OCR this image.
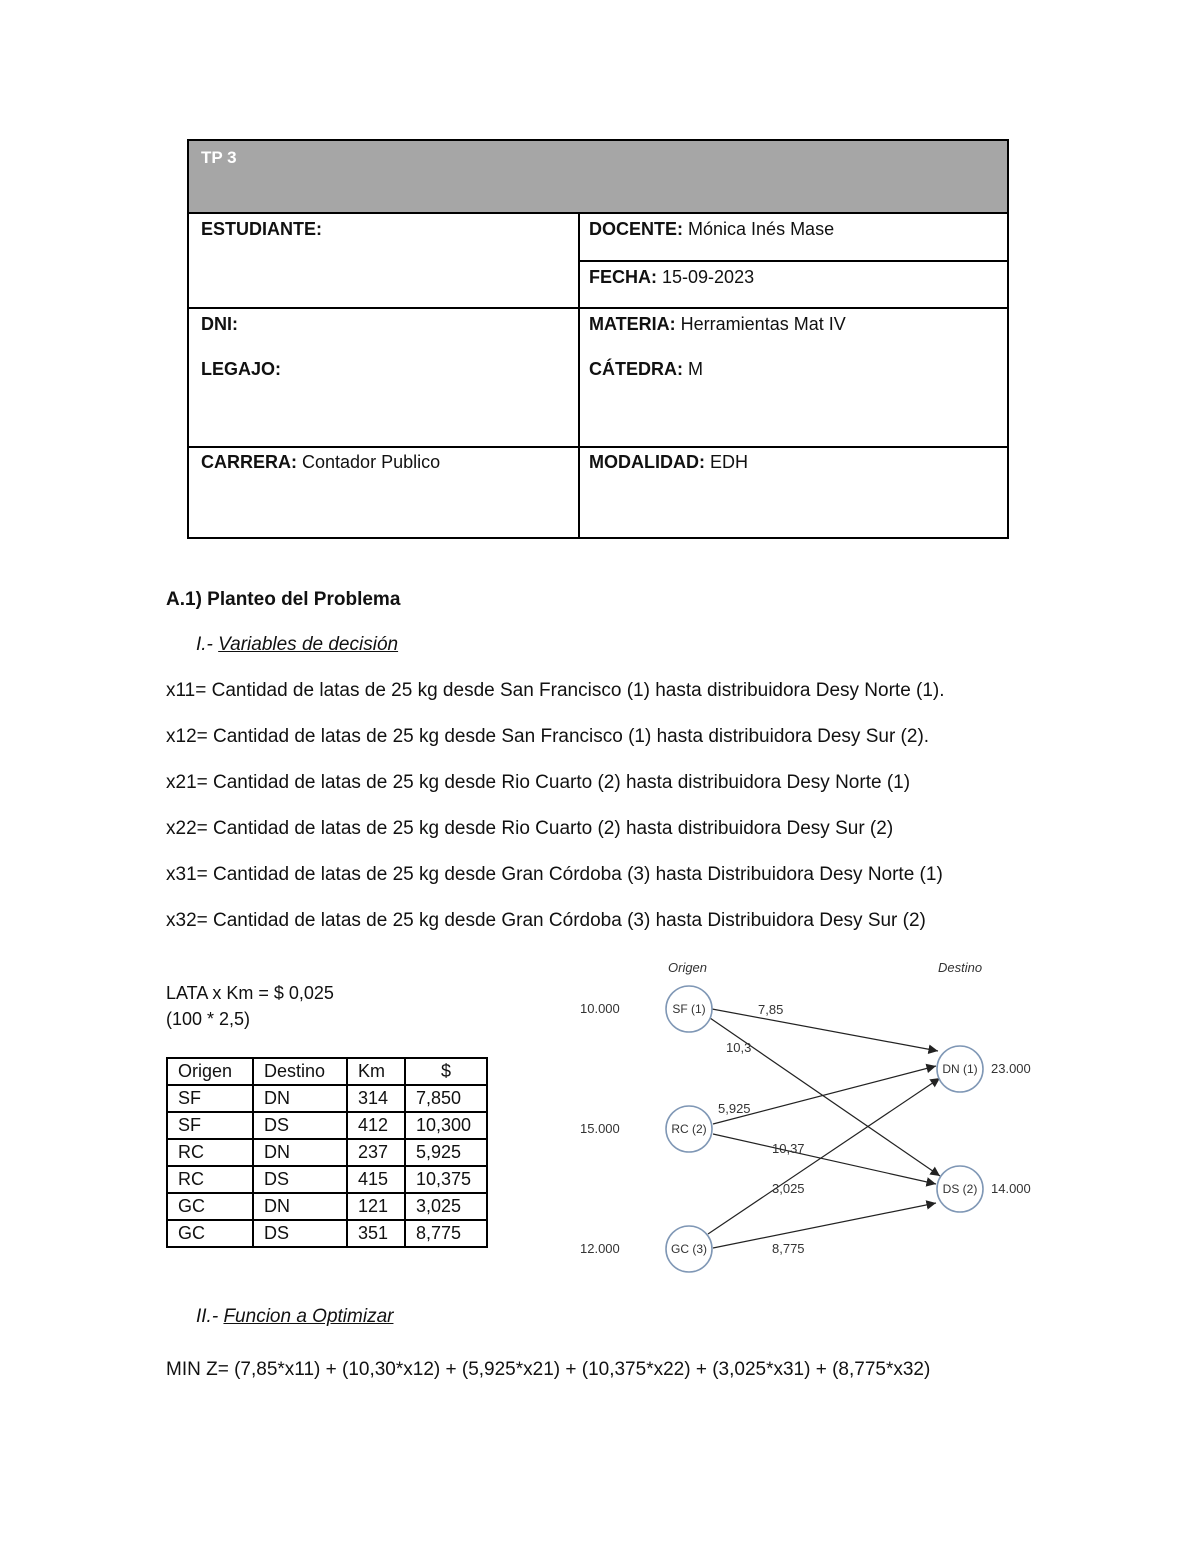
TP 3
ESTUDIANTE:	DOCENTE: Mónica Inés Mase
FECHA: 15-09-2023
DNI:
LEGAJO:
MATERIA: Herramientas Mat IV
CÁTEDRA: M
CARRERA: Contador Publico	MODALIDAD: EDH
A.1) Planteo del Problema
I.- Variables de decisión
x11= Cantidad de latas de 25 kg desde San Francisco (1) hasta distribuidora Desy Norte (1).
x12= Cantidad de latas de 25 kg desde San Francisco (1) hasta distribuidora Desy Sur (2).
x21= Cantidad de latas de 25 kg desde Rio Cuarto (2) hasta distribuidora Desy Norte (1)
x22= Cantidad de latas de 25 kg desde Rio Cuarto (2) hasta distribuidora Desy Sur (2)
x31= Cantidad de latas de 25 kg desde Gran Córdoba (3) hasta Distribuidora Desy Norte (1)
x32= Cantidad de latas de 25 kg desde Gran Córdoba (3) hasta Distribuidora Desy Sur (2)
LATA x Km = $ 0,025
(100 * 2,5)
Origen	Destino	Km	$
SF	DN	314	7,850
SF	DS	412	10,300
RC	DN	237	5,925
RC	DS	415	10,375
GC	DN	121	3,025
GC	DS	351	8,775
Origen	Destino
7,85
10,3
5,925
10,37
3,025
8,775
10.000	SF (1)
15.000	RC (2)
12.000	GC (3)
DN (1) 23.000
DS (2) 14.000
II.- Funcion a Optimizar
MIN Z= (7,85*x11) + (10,30*x12) + (5,925*x21) + (10,375*x22) + (3,025*x31) + (8,775*x32)
